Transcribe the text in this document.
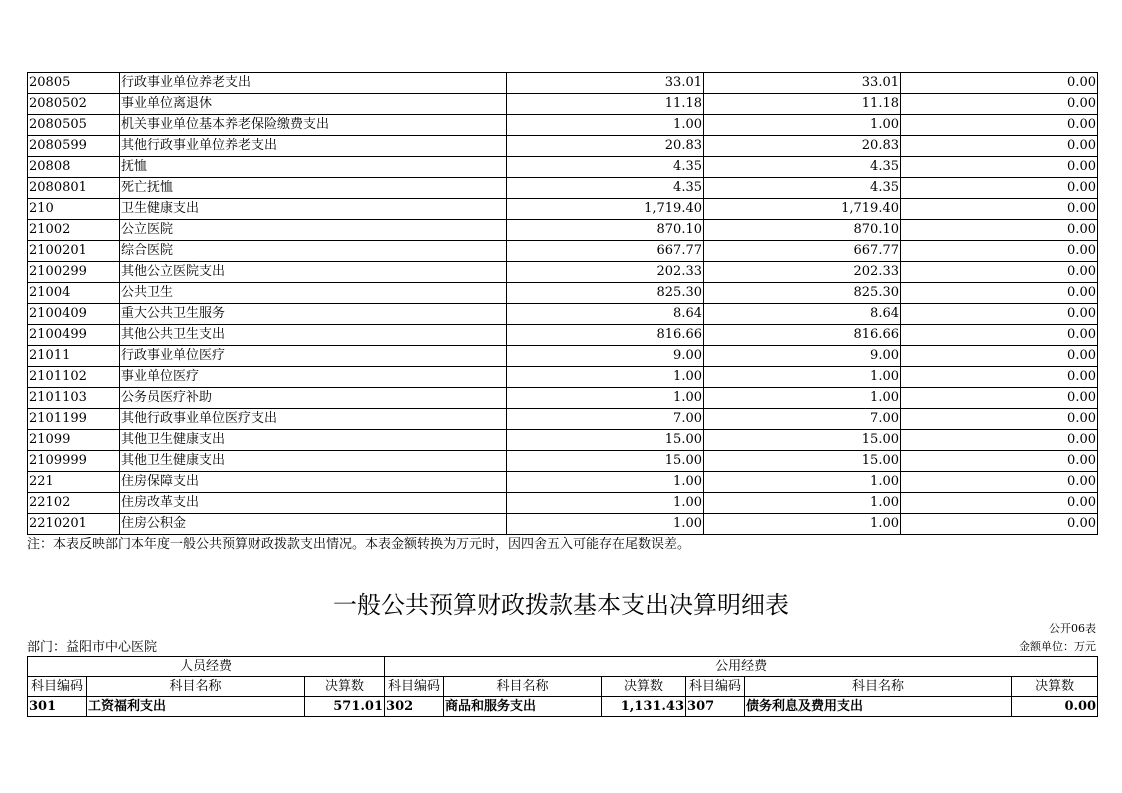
20805	行政事业单位养老支出	33.01	33.01	0.00
2080502	事业单位离退休	11.18	11.18	0.00
2080505	机关事业单位基本养老保险缴费支出	1.00	1.00	0.00
2080599	其他行政事业单位养老支出	20.83	20.83	0.00
20808	抚恤	4.35	4.35	0.00
2080801	死亡抚恤	4.35	4.35	0.00
210	卫生健康支出	1,719.40	1,719.40	0.00
21002	公立医院	870.10	870.10	0.00
2100201	综合医院	667.77	667.77	0.00
2100299	其他公立医院支出	202.33	202.33	0.00
21004	公共卫生	825.30	825.30	0.00
2100409	重大公共卫生服务	8.64	8.64	0.00
2100499	其他公共卫生支出	816.66	816.66	0.00
21011	行政事业单位医疗	9.00	9.00	0.00
2101102	事业单位医疗	1.00	1.00	0.00
2101103	公务员医疗补助	1.00	1.00	0.00
2101199	其他行政事业单位医疗支出	7.00	7.00	0.00
21099	其他卫生健康支出	15.00	15.00	0.00
2109999	其他卫生健康支出	15.00	15.00	0.00
221	住房保障支出	1.00	1.00	0.00
22102	住房改革支出	1.00	1.00	0.00
2210201	住房公积金	1.00	1.00	0.00
注：本表反映部门本年度一般公共预算财政拨款支出情况。本表金额转换为万元时，因四舍五入可能存在尾数误差。
一般公共预算财政拨款基本支出决算明细表
公开06表
部门：益阳市中心医院	金额单位：万元
人员经费			公用经费					
科目编码	科目名称	决算数	科目编码	科目名称	决算数	科目编码	科目名称	决算数
301	工资福利支出	571.01	302	商品和服务支出	1,131.43	307	债务利息及费用支出	0.00
